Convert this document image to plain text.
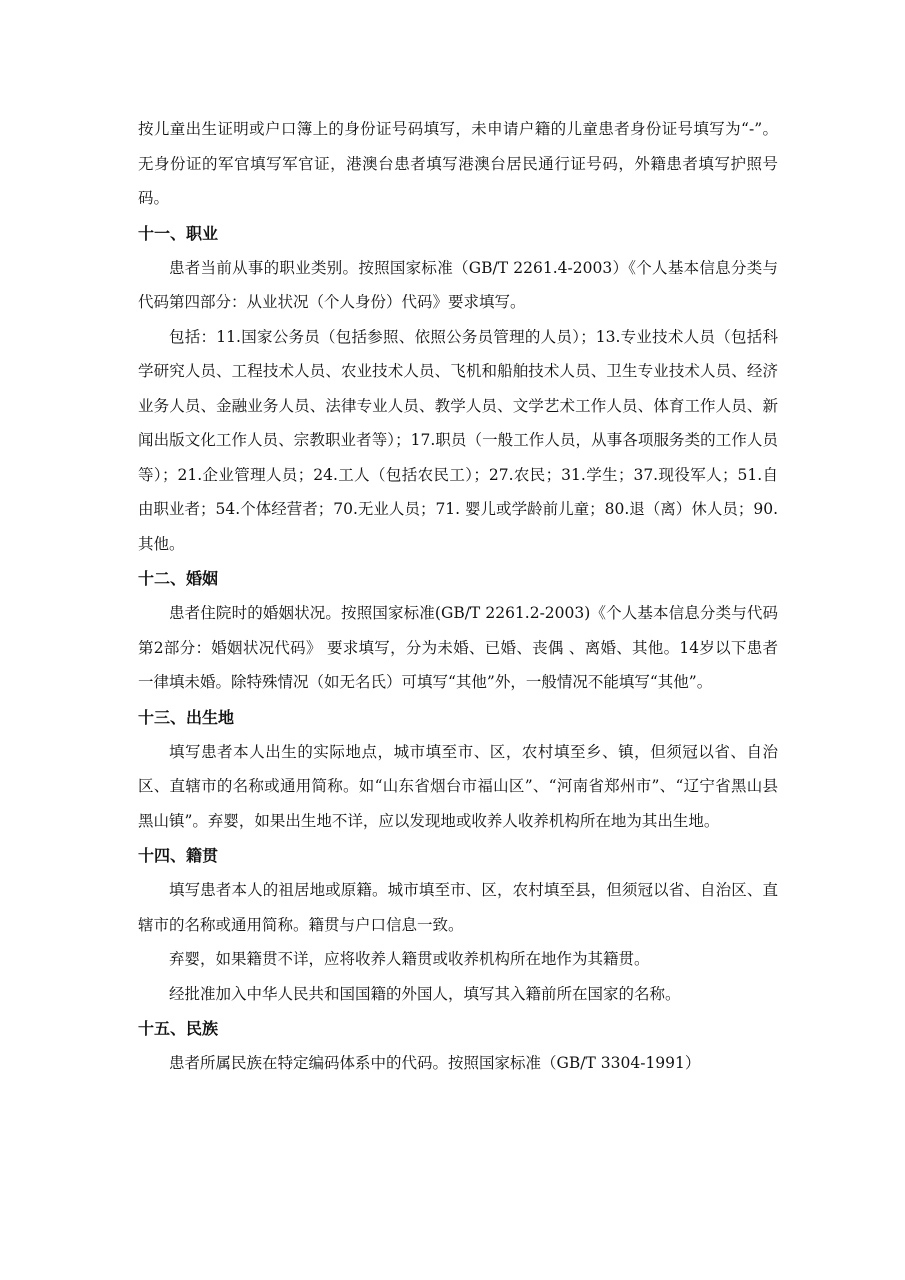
按儿童出生证明或户口簿上的身份证号码填写，未申请户籍的儿童患者身份证号填写为“-”。无身份证的军官填写军官证，港澳台患者填写港澳台居民通行证号码，外籍患者填写护照号码。

十一、职业

患者当前从事的职业类别。按照国家标准（GB/T 2261.4-2003）《个人基本信息分类与代码第四部分：从业状况（个人身份）代码》要求填写。

包括：11.国家公务员（包括参照、依照公务员管理的人员）；13.专业技术人员（包括科学研究人员、工程技术人员、农业技术人员、飞机和船舶技术人员、卫生专业技术人员、经济业务人员、金融业务人员、法律专业人员、教学人员、文学艺术工作人员、体育工作人员、新闻出版文化工作人员、宗教职业者等）；17.职员（一般工作人员，从事各项服务类的工作人员等）；21.企业管理人员；24.工人（包括农民工）；27.农民；31.学生；37.现役军人；51.自由职业者；54.个体经营者；70.无业人员；71. 婴儿或学龄前儿童；80.退（离）休人员；90.其他。

十二、婚姻

患者住院时的婚姻状况。按照国家标准(GB/T 2261.2-2003)《个人基本信息分类与代码第2部分：婚姻状况代码》 要求填写，分为未婚、已婚、丧偶 、离婚、其他。14岁以下患者一律填未婚。除特殊情况（如无名氏）可填写“其他”外，一般情况不能填写“其他”。

十三、出生地

填写患者本人出生的实际地点，城市填至市、区，农村填至乡、镇，但须冠以省、自治区、直辖市的名称或通用简称。如“山东省烟台市福山区”、“河南省郑州市”、“辽宁省黑山县黑山镇”。弃婴，如果出生地不详，应以发现地或收养人收养机构所在地为其出生地。

十四、籍贯

填写患者本人的祖居地或原籍。城市填至市、区，农村填至县，但须冠以省、自治区、直辖市的名称或通用简称。籍贯与户口信息一致。

弃婴，如果籍贯不详，应将收养人籍贯或收养机构所在地作为其籍贯。

经批准加入中华人民共和国国籍的外国人，填写其入籍前所在国家的名称。

十五、民族

患者所属民族在特定编码体系中的代码。按照国家标准（GB/T 3304-1991）
